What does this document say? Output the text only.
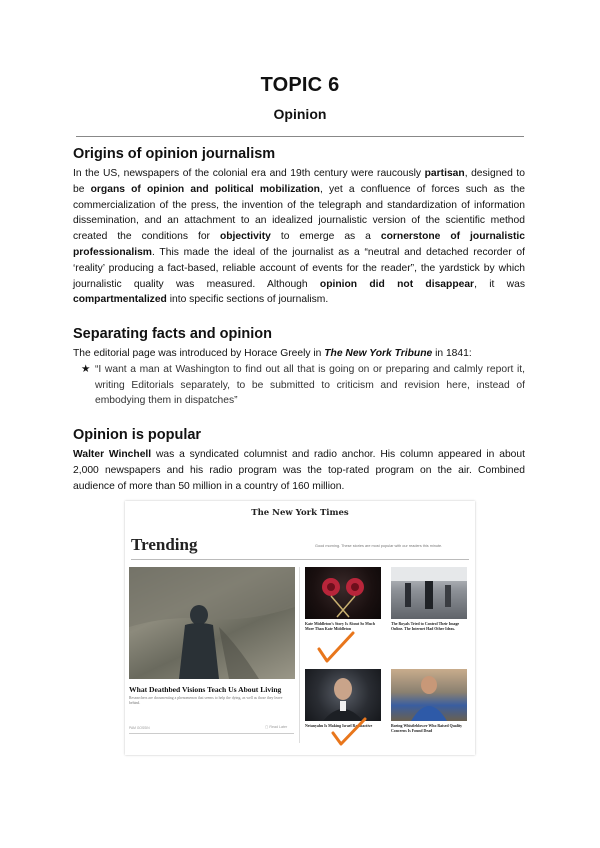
TOPIC 6
Opinion
Origins of opinion journalism

In the US, newspapers of the colonial era and 19th century were raucously partisan, designed to be organs of opinion and political mobilization, yet a confluence of forces such as the commercialization of the press, the invention of the telegraph and standardization of information dissemination, and an attachment to an idealized journalistic version of the scientific method created the conditions for objectivity to emerge as a cornerstone of journalistic professionalism. This made the ideal of the journalist as a “neutral and detached recorder of ‘reality’ producing a fact-based, reliable account of events for the reader”, the yardstick by which journalistic quality was measured. Although opinion did not disappear, it was compartmentalized into specific sections of journalism.

Separating facts and opinion

The editorial page was introduced by Horace Greely in The New York Tribune in 1841:

★ “I want a man at Washington to find out all that is going on or preparing and calmly report it, writing Editorials separately, to be submitted to criticism and revision here, instead of embodying them in dispatches”
Opinion is popular

Walter Winchell was a syndicated columnist and radio anchor. His column appeared in about 2,000 newspapers and his radio program was the top-rated program on the air. Combined audience of more than 50 million in a country of 160 million.

The New York Times
Trending	Good morning. These stories are most popular with our readers this minute.
What Deathbed Visions Teach Us About Living
Researchers are documenting a phenomenon that seems to help the dying, as well as those they leave behind.
PAM GOSSIN	▢ Read Later
Kate Middleton’s Story Is About So Much More Than Kate Middleton
The Royals Tried to Control Their Image Online. The Internet Had Other Ideas.
Netanyahu Is Making Israel Radioactive	Boeing Whistleblower Who Raised Quality Concerns Is Found Dead
